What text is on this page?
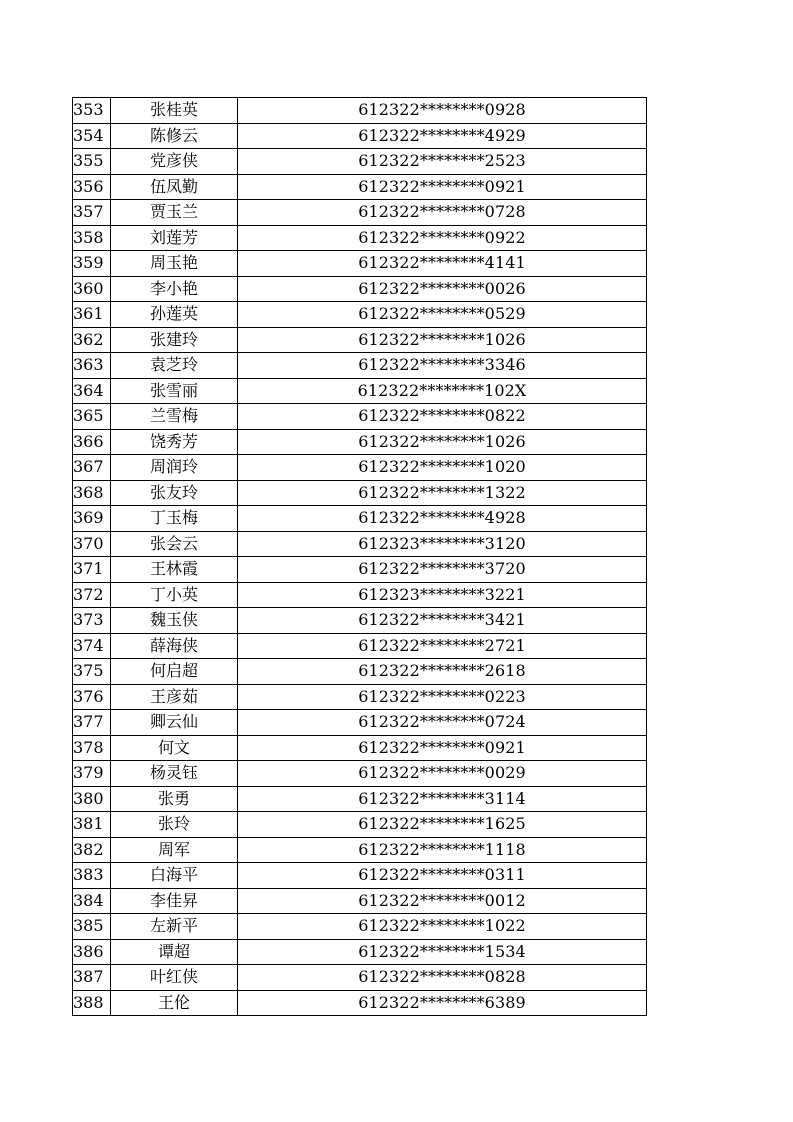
353	张桂英	612322********0928
354	陈修云	612322********4929
355	党彦侠	612322********2523
356	伍凤勤	612322********0921
357	贾玉兰	612322********0728
358	刘莲芳	612322********0922
359	周玉艳	612322********4141
360	李小艳	612322********0026
361	孙莲英	612322********0529
362	张建玲	612322********1026
363	袁芝玲	612322********3346
364	张雪丽	612322********102X
365	兰雪梅	612322********0822
366	饶秀芳	612322********1026
367	周润玲	612322********1020
368	张友玲	612322********1322
369	丁玉梅	612322********4928
370	张会云	612323********3120
371	王林霞	612322********3720
372	丁小英	612323********3221
373	魏玉侠	612322********3421
374	薛海侠	612322********2721
375	何启超	612322********2618
376	王彦茹	612322********0223
377	卿云仙	612322********0724
378	何文	612322********0921
379	杨灵钰	612322********0029
380	张勇	612322********3114
381	张玲	612322********1625
382	周军	612322********1118
383	白海平	612322********0311
384	李佳昇	612322********0012
385	左新平	612322********1022
386	谭超	612322********1534
387	叶红侠	612322********0828
388	王伦	612322********6389
